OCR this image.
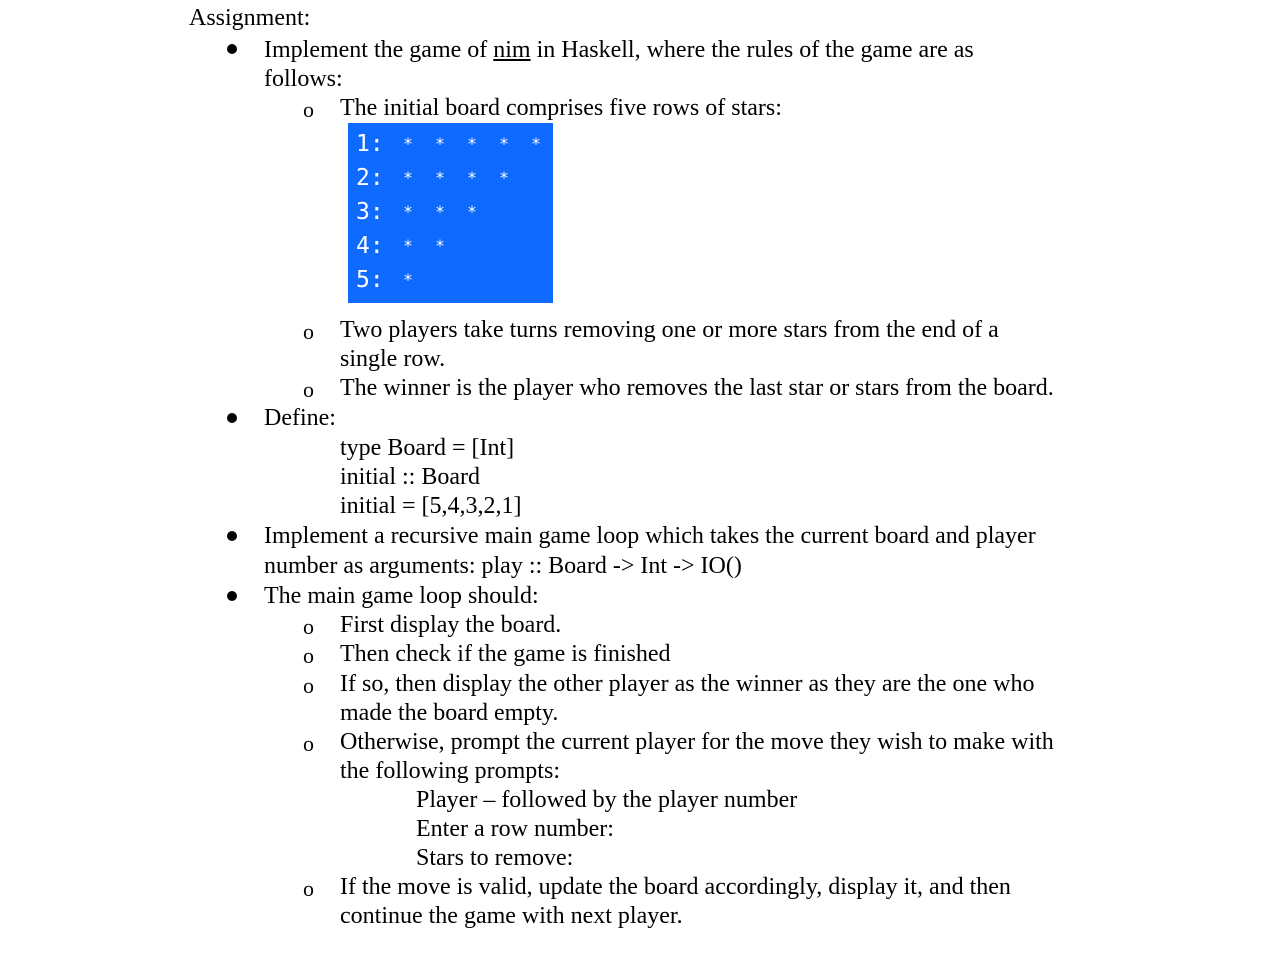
Assignment:
Implement the game of nim in Haskell, where the rules of the game are as
follows:
o The initial board comprises five rows of stars:
1:	*	*	*	*	*
2:	*	*	*	*
3:	*	*	*
4:	*	*
5:	*
o Two players take turns removing one or more stars from the end of a
single row.
o The winner is the player who removes the last star or stars from the board.
Define:
type Board = [Int]
initial :: Board
initial = [5,4,3,2,1]
Implement a recursive main game loop which takes the current board and player
number as arguments: play :: Board -> Int -> IO()
The main game loop should:
o First display the board.
o Then check if the game is finished
o If so, then display the other player as the winner as they are the one who
made the board empty.
o Otherwise, prompt the current player for the move they wish to make with
the following prompts:
Player – followed by the player number
Enter a row number:
Stars to remove:
o If the move is valid, update the board accordingly, display it, and then
continue the game with next player.
